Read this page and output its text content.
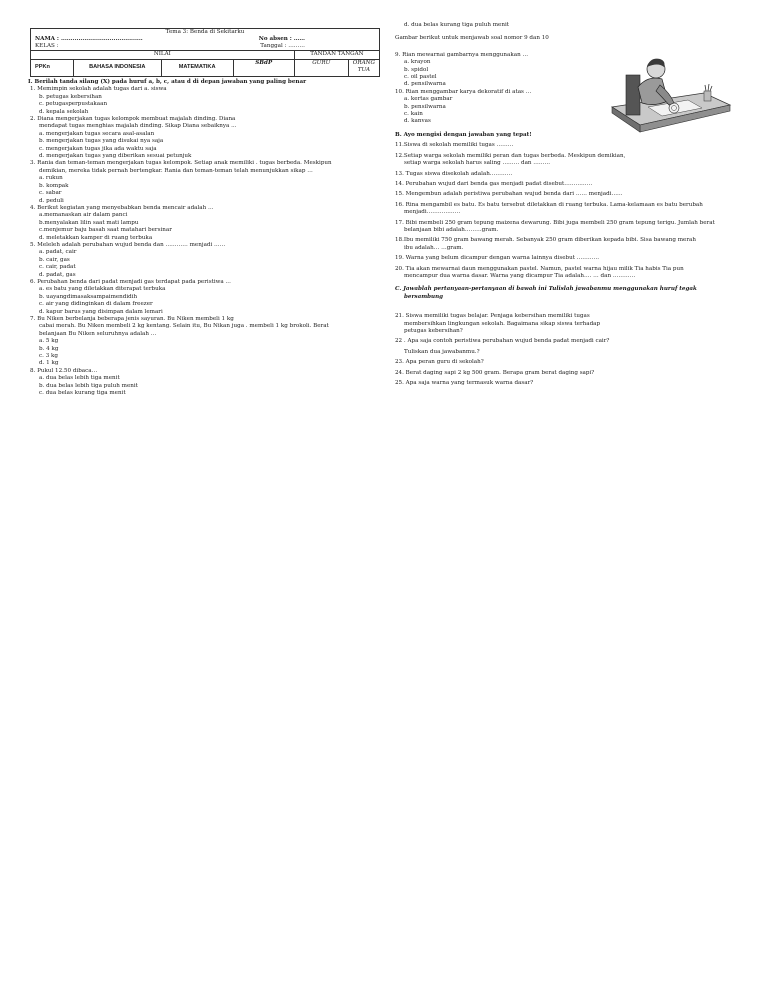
Tema 3: Benda di Sekitarku
NAMA : .......................................... No absen : ……
KELAS : Tanggal : ………					

NILAI				TANDAN TANGAN	
PPKn	BAHASA INDONESIA	MATEMATIKA	SBdP	GURU	ORANG TUA
I. Berilah tanda silang (X) pada huruf a, b, c, atau d di depan jawaban yang paling benar
1. Memimpin sekolah adalah tugas dari a. siswa
b. petugas kebersihan
c. petugasperpustakaan
d. kepala sekolah
2. Diana mengerjakan tugas kelompok membuat majalah dinding. Diana
mendapat tugas menghias majalah dinding. Sikap Diana sebaiknya ...
a. mengerjakan tugas secara asal-asalan
b. mengerjakan tugas yang disukai nya saja
c. mengerjakan tugas jika ada waktu saja
d. mengerjakan tugas yang diberikan sesuai petunjuk
3. Rania dan teman-teman mengerjakan tugas kelompok. Setiap anak memiliki . tugas berbeda. Meskipun
demikian, mereka tidak pernah bertengkar. Rania dan teman-teman telah menunjukkan sikap …
a. rukun
b. kompak
c. sabar
d. peduli
4. Berikut kegiatan yang menyebabkan benda mencair adalah …
a.memanaskan air dalam panci
b.menyalakan lilin saat mati lampu
c.menjemur baju basah saat matahari bersinar
d. meletakkan kamper di ruang terbuka
5. Meleleh adalah perubahan wujud benda dan ………… menjadi ……
a. padat, cair
b. cair, gas
c. cair, padat
d. padat, gas
6. Perubahan benda dari padat menjadi gas terdapat pada peristiwa ...
a. es batu yang diletakkan diterapat terbuka
b. uayangdimasaksampaimendidih
c. air yang didinginkan di dalam freezer
d. kapur barus yang disimpan dalam lemari
7. Bu Niken berbelanja beberapa jenis sayuran. Bu Niken membeli 1 kg
cabai merah. Bu Niken membeli 2 kg kentang. Selain itu, Bu Nikan juga . membeli 1 kg brokoli. Berat
belanjaan Bu Niken seluruhnya adalah …
a. 5 kg
b. 4 kg
c. 3 kg
d. 1 kg
8. Pukul 12.50 dibaca…
a. dua belas lebih tiga menit
b. dua belas lebih tiga puluh menit
c. dua belas kurang tiga menit
d. dua belas kurang tiga puluh menit
Gambar berikut untuk menjawab soal nomor 9 dan 10
9. Rian mewarnai gambarnya menggunakan …
a. krayon
b. spidol
c. oil pastel
d. pensilwarna
10. Rian menggambar karya dekoratif di atas …
a. kertas gambar
b. pensilwarna
c. kain
d. kanvas
B. Ayo mengisi dengan jawaban yang tepat!
11.Siswa di sekolah memiliki tugas ………
12.Setiap warga sekolah memiliki peran dan tugas berbeda. Meskipun demikian,
setiap warga sekolah harus saling ……… dan ………
13. Tugas siswa disekolah adalah…………
14. Perubahan wujud dari benda gas menjadi padat disebut……………
15. Mengembun adalah peristiwa perubahan wujud benda dari …… menjadi……
16. Rina mengambil es batu. Es batu tersebut diletakkan di ruang terbuka. Lama-kelamaan es batu berubah
menjadi………………
17. Bibi membeli 250 gram tepung maizena dewarung. Bibi juga membeli 250 gram tepung terigu. Jumlah berat
belanjaan bibi adalah………gram.
18.Ibu memiliki 750 gram bawang merah. Sebanyak 250 gram diberikan kepada bibi. Sisa bawang merah
ibu adalah… …gram.
19. Warna yang belum dicampur dengan warna lainnya disebut …………
20. Tia akan mewarnai daun menggunakan pastel. Namun, pastel warna hijau milik Tia habis Tia pun
mencampur dua warna dasar. Warna yang dicampur Tia adalah…. … dan …………
C. Jawablah pertanyaan-pertanyaan di bawah ini Tulislah jawabanmu menggunakan huruf tegak
bersambung
21. Siswa memiliki tugas belajar. Penjaga kebersihan memiliki tugas
membersihkan lingkungan sekolah. Bagaimana sikap siswa terhadap
petugas kebersihan?
22 . Apa saja contoh peristiwa perubahan wujud benda padat menjadi cair?
Tuliskan dua jawabanmu.?
23. Apa peran guru di sekolah?
24. Berat daging sapi 2 kg 500 gram. Berapa gram berat daging sapi?
25. Apa saja warna yang termasuk warna dasar?
